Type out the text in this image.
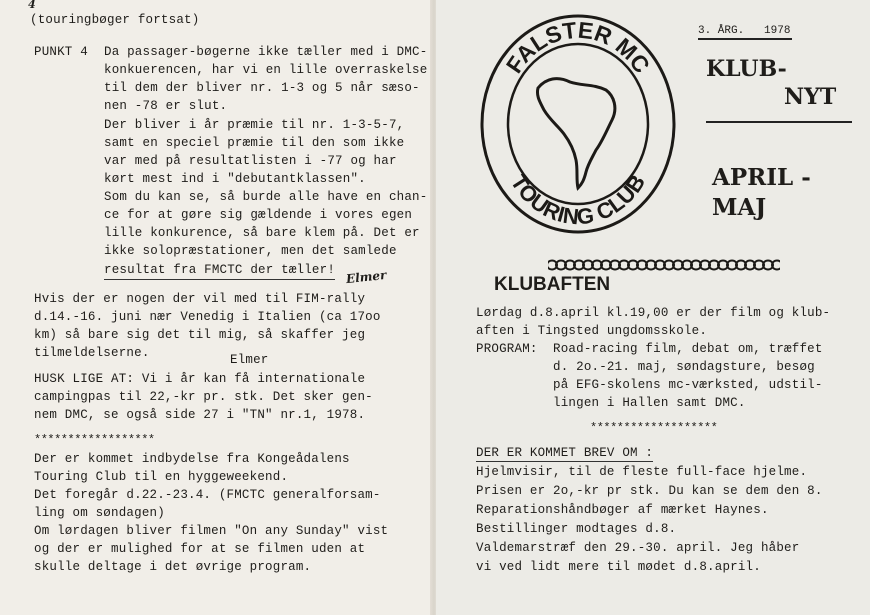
4
(touringbøger fortsat)
PUNKT 4 Da passager-bøgerne ikke tæller med i DMC-
konkuerencen, har vi en lille overraskelse
til dem der bliver nr. 1-3 og 5 når sæso-
nen -78 er slut.
Der bliver i år præmie til nr. 1-3-5-7,
samt en speciel præmie til den som ikke
var med på resultatlisten i -77 og har
kørt mest ind i "debutantklassen".
Som du kan se, så burde alle have en chan-
ce for at gøre sig gældende i vores egen
lille konkurence, så bare klem på. Det er
ikke solopræstationer, men det samlede
resultat fra FMCTC der tæller! Elmer
Hvis der er nogen der vil med til FIM-rally
d.14.-16. juni nær Venedig i Italien (ca 17oo
km) så bare sig det til mig, så skaffer jeg
tilmeldelserne.	Elmer
HUSK LIGE AT: Vi i år kan få internationale
campingpas til 22,-kr pr. stk. Det sker gen-
nem DMC, se også side 27 i "TN" nr.1, 1978.
******************
Der er kommet indbydelse fra Kongeådalens
Touring Club til en hyggeweekend.
Det foregår d.22.-23.4. (FMCTC generalforsam-
ling om søndagen)
Om lørdagen bliver filmen "On any Sunday" vist
og der er mulighed for at se filmen uden at
skulle deltage i det øvrige program.
FALSTER MC
TOURING CLUB
3. ÅRG.   1978
KLUB-
NYT
APRIL -
MAJ
KLUBAFTEN
Lørdag d.8.april kl.19,00 er der film og klub-
aften i Tingsted ungdomsskole.
PROGRAM:  Road-racing film, debat om, træffet
d. 2o.-21. maj, søndagsture, besøg
på EFG-skolens mc-værksted, udstil-
lingen i Hallen samt DMC.
*******************
DER ER KOMMET BREV OM :
Hjelmvisir, til de fleste full-face hjelme.
Prisen er 2o,-kr pr stk. Du kan se dem den 8.
Reparationshåndbøger af mærket Haynes.
Bestillinger modtages d.8.
Valdemarstræf den 29.-30. april. Jeg håber
vi ved lidt mere til mødet d.8.april.
